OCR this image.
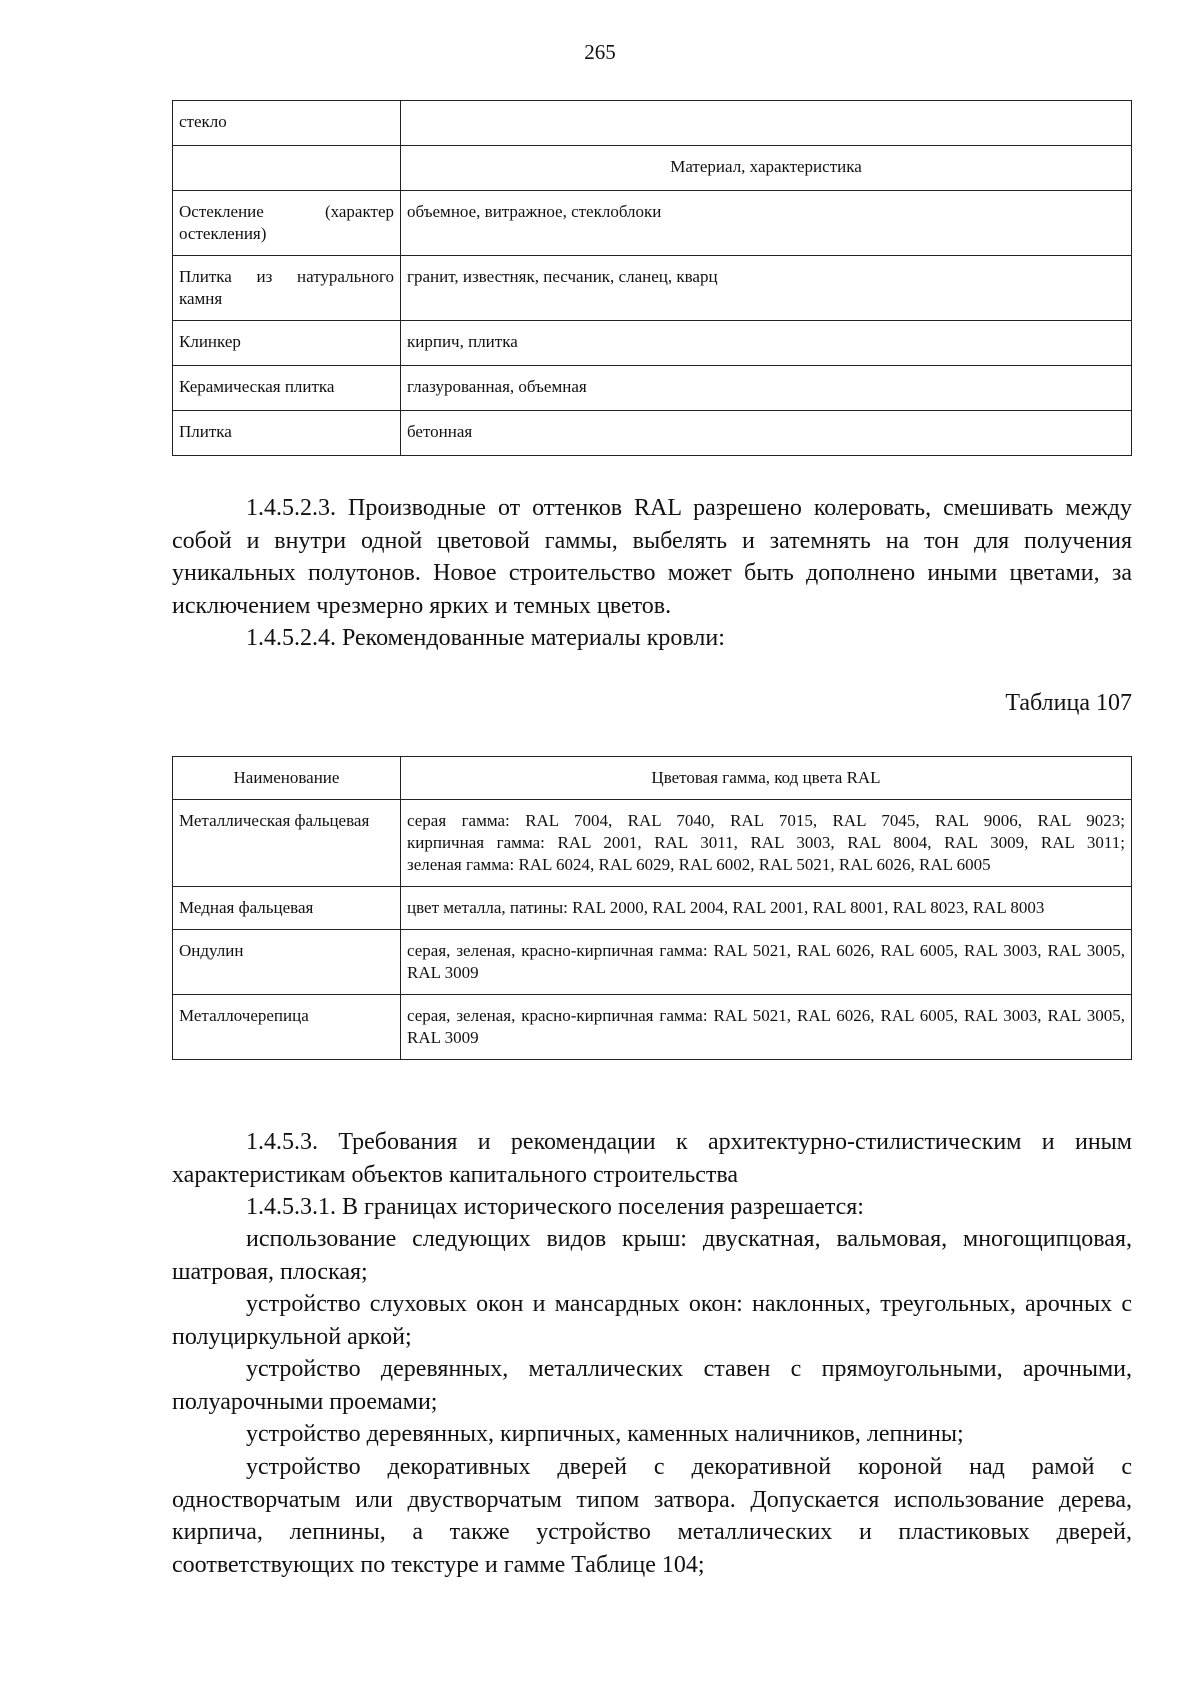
265
стекло	
	Материал, характеристика
Остекление (характер остекления)	объемное, витражное, стеклоблоки
Плитка из натурального камня	гранит, известняк, песчаник, сланец, кварц
Клинкер	кирпич, плитка
Керамическая плитка	глазурованная, объемная
Плитка	бетонная

1.4.5.2.3. Производные от оттенков RAL разрешено колеровать, смешивать между собой и внутри одной цветовой гаммы, выбелять и затемнять на тон для получения уникальных полутонов. Новое строительство может быть дополнено иными цветами, за исключением чрезмерно ярких и темных цветов.

1.4.5.2.4. Рекомендованные материалы кровли:

Таблица 107
Наименование	Цветовая гамма, код цвета RAL
Металлическая фальцевая	серая гамма: RAL 7004, RAL 7040, RAL 7015, RAL 7045, RAL 9006, RAL 9023;
кирпичная гамма: RAL 2001, RAL 3011, RAL 3003, RAL 8004, RAL 3009, RAL 3011;
зеленая гамма: RAL 6024, RAL 6029, RAL 6002, RAL 5021, RAL 6026, RAL 6005
Медная фальцевая	цвет металла, патины: RAL 2000, RAL 2004, RAL 2001, RAL 8001, RAL 8023, RAL 8003
Ондулин	серая, зеленая, красно-кирпичная гамма: RAL 5021, RAL 6026, RAL 6005, RAL 3003, RAL 3005, RAL 3009
Металлочерепица	серая, зеленая, красно-кирпичная гамма: RAL 5021, RAL 6026, RAL 6005, RAL 3003, RAL 3005, RAL 3009

1.4.5.3. Требования и рекомендации к архитектурно-стилистическим и иным характеристикам объектов капитального строительства

1.4.5.3.1. В границах исторического поселения разрешается:

использование следующих видов крыш: двускатная, вальмовая, многощипцовая, шатровая, плоская;

устройство слуховых окон и мансардных окон: наклонных, треугольных, арочных с полуциркульной аркой;

устройство деревянных, металлических ставен с прямоугольными, арочными, полуарочными проемами;

устройство деревянных, кирпичных, каменных наличников, лепнины;

устройство декоративных дверей с декоративной короной над рамой с одностворчатым или двустворчатым типом затвора. Допускается использование дерева, кирпича, лепнины, а также устройство металлических и пластиковых дверей, соответствующих по текстуре и гамме Таблице 104;
